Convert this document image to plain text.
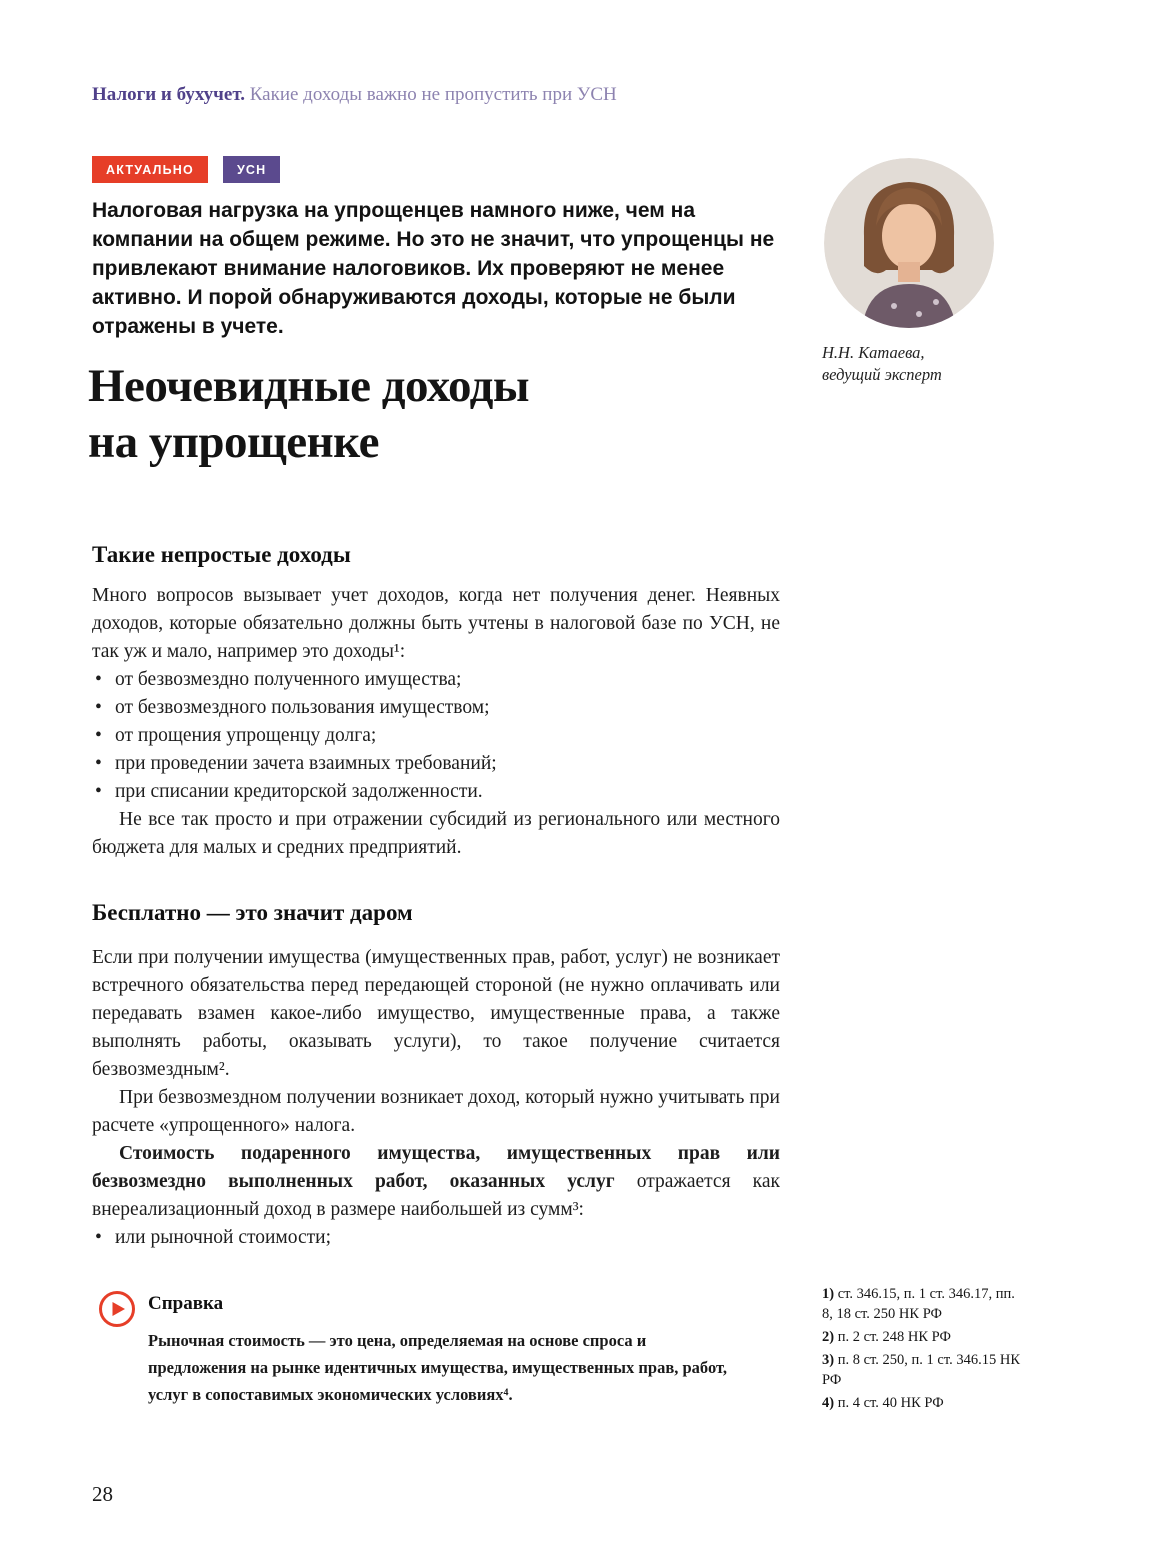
Налоги и бухучет. Какие доходы важно не пропустить при УСН
АКТУАЛЬНО	УСН

Налоговая нагрузка на упрощенцев намного ниже, чем на компании на общем режиме. Но это не значит, что упрощенцы не привлекают внимание налоговиков. Их проверяют не менее активно. И порой обнаруживаются доходы, которые не были отражены в учете.

Н.Н. Катаева,
ведущий эксперт
Неочевидные доходы
на упрощенке
Такие непростые доходы

Много вопросов вызывает учет доходов, когда нет получения денег. Неявных доходов, которые обязательно должны быть учтены в налоговой базе по УСН, не так уж и мало, например это доходы¹:

• от безвозмездно полученного имущества;
• от безвозмездного пользования имуществом;
• от прощения упрощенцу долга;
• при проведении зачета взаимных требований;
• при списании кредиторской задолженности.

Не все так просто и при отражении субсидий из регионального или местного бюджета для малых и средних предприятий.

Бесплатно — это значит даром

Если при получении имущества (имущественных прав, работ, услуг) не возникает встречного обязательства перед передающей стороной (не нужно оплачивать или передавать взамен какое-либо имущество, имущественные права, а также выполнять работы, оказывать услуги), то такое получение считается безвозмездным².

При безвозмездном получении возникает доход, который нужно учитывать при расчете «упрощенного» налога.

Стоимость подаренного имущества, имущественных прав или безвозмездно выполненных работ, оказанных услуг отражается как внереализационный доход в размере наибольшей из сумм³:

• или рыночной стоимости;
Справка

Рыночная стоимость — это цена, определяемая на основе спроса и предложения на рынке идентичных имущества, имущественных прав, работ, услуг в сопоставимых экономических условиях⁴.

1) ст. 346.15, п. 1 ст. 346.17, пп. 8, 18 ст. 250 НК РФ

2) п. 2 ст. 248 НК РФ

3) п. 8 ст. 250, п. 1 ст. 346.15 НК РФ

4) п. 4 ст. 40 НК РФ

28
